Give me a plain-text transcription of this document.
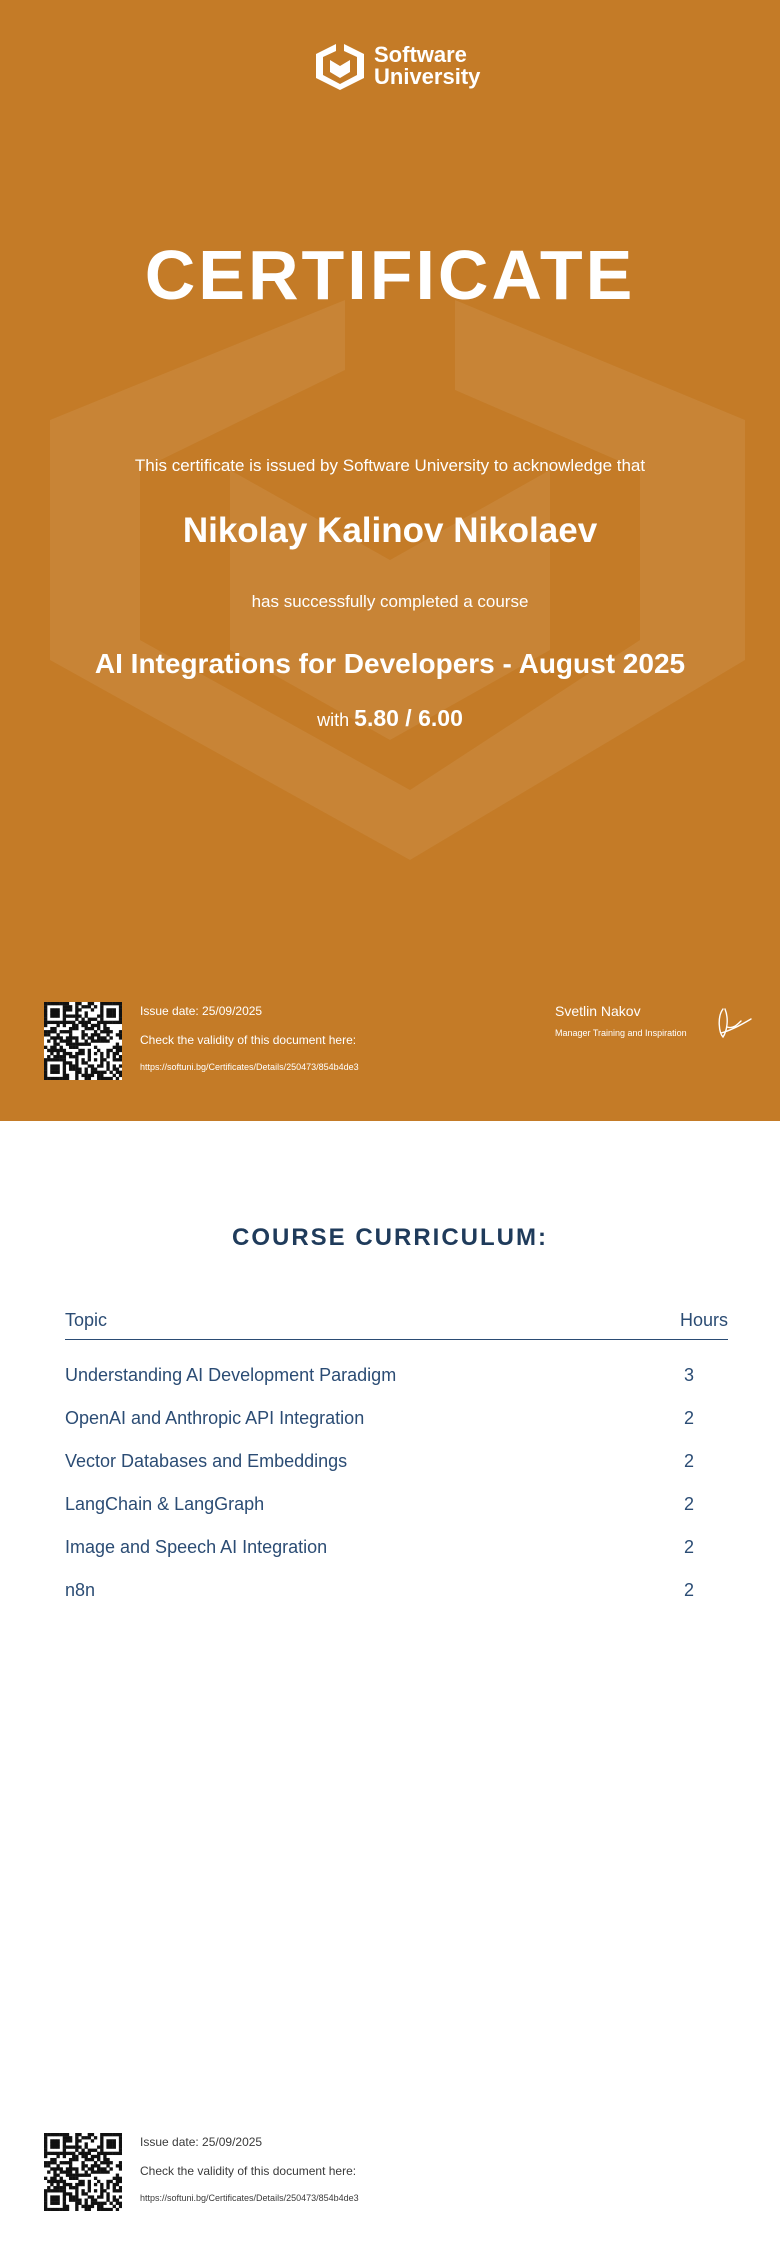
Software
University
CERTIFICATE
This certificate is issued by Software University to acknowledge that
Nikolay Kalinov Nikolaev
has successfully completed a course
AI Integrations for Developers - August 2025
with 5.80 / 6.00
Issue date: 25/09/2025
Check the validity of this document here:
https://softuni.bg/Certificates/Details/250473/854b4de3
Svetlin Nakov
Manager Training and Inspiration
COURSE CURRICULUM:
Topic	Hours
Understanding AI Development Paradigm	3
OpenAI and Anthropic API Integration	2
Vector Databases and Embeddings	2
LangChain & LangGraph	2
Image and Speech AI Integration	2
n8n	2
Issue date: 25/09/2025
Check the validity of this document here:
https://softuni.bg/Certificates/Details/250473/854b4de3
